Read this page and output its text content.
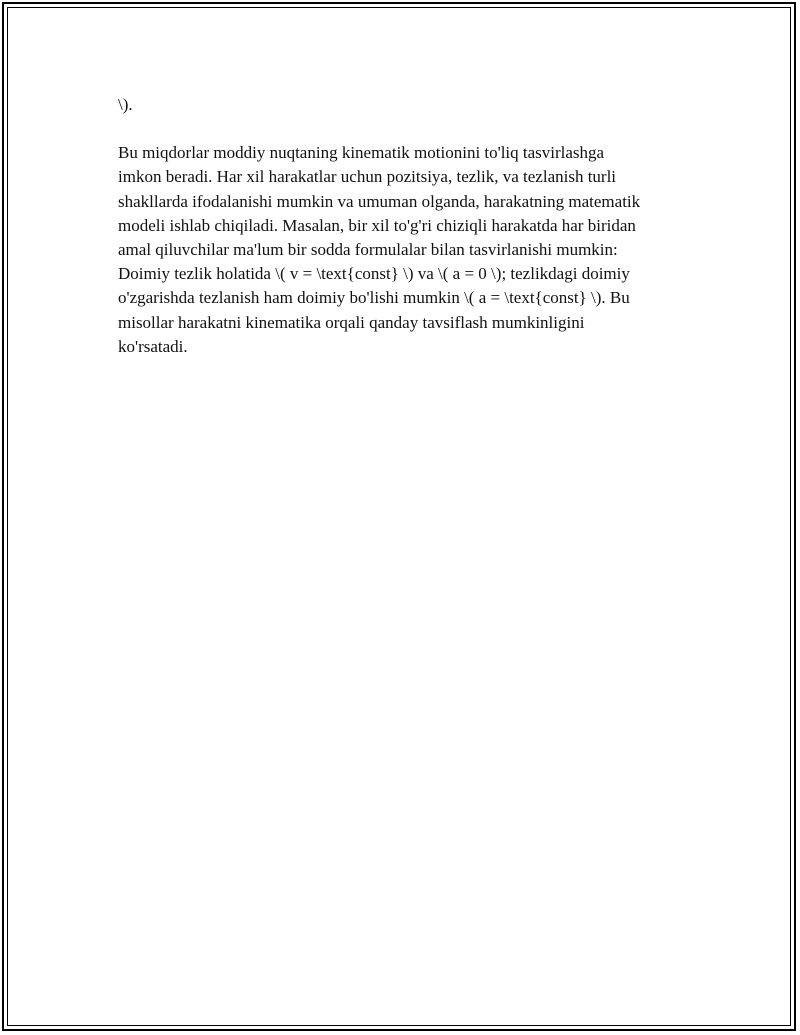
\).

Bu miqdorlar moddiy nuqtaning kinematik motionini to'liq tasvirlashga

imkon beradi. Har xil harakatlar uchun pozitsiya, tezlik, va tezlanish turli

shakllarda ifodalanishi mumkin va umuman olganda, harakatning matematik

modeli ishlab chiqiladi. Masalan, bir xil to'g'ri chiziqli harakatda har biridan

amal qiluvchilar ma'lum bir sodda formulalar bilan tasvirlanishi mumkin:

Doimiy tezlik holatida \( v = \text{const} \) va \( a = 0 \); tezlikdagi doimiy

o'zgarishda tezlanish ham doimiy bo'lishi mumkin \( a = \text{const} \). Bu

misollar harakatni kinematika orqali qanday tavsiflash mumkinligini

ko'rsatadi.
